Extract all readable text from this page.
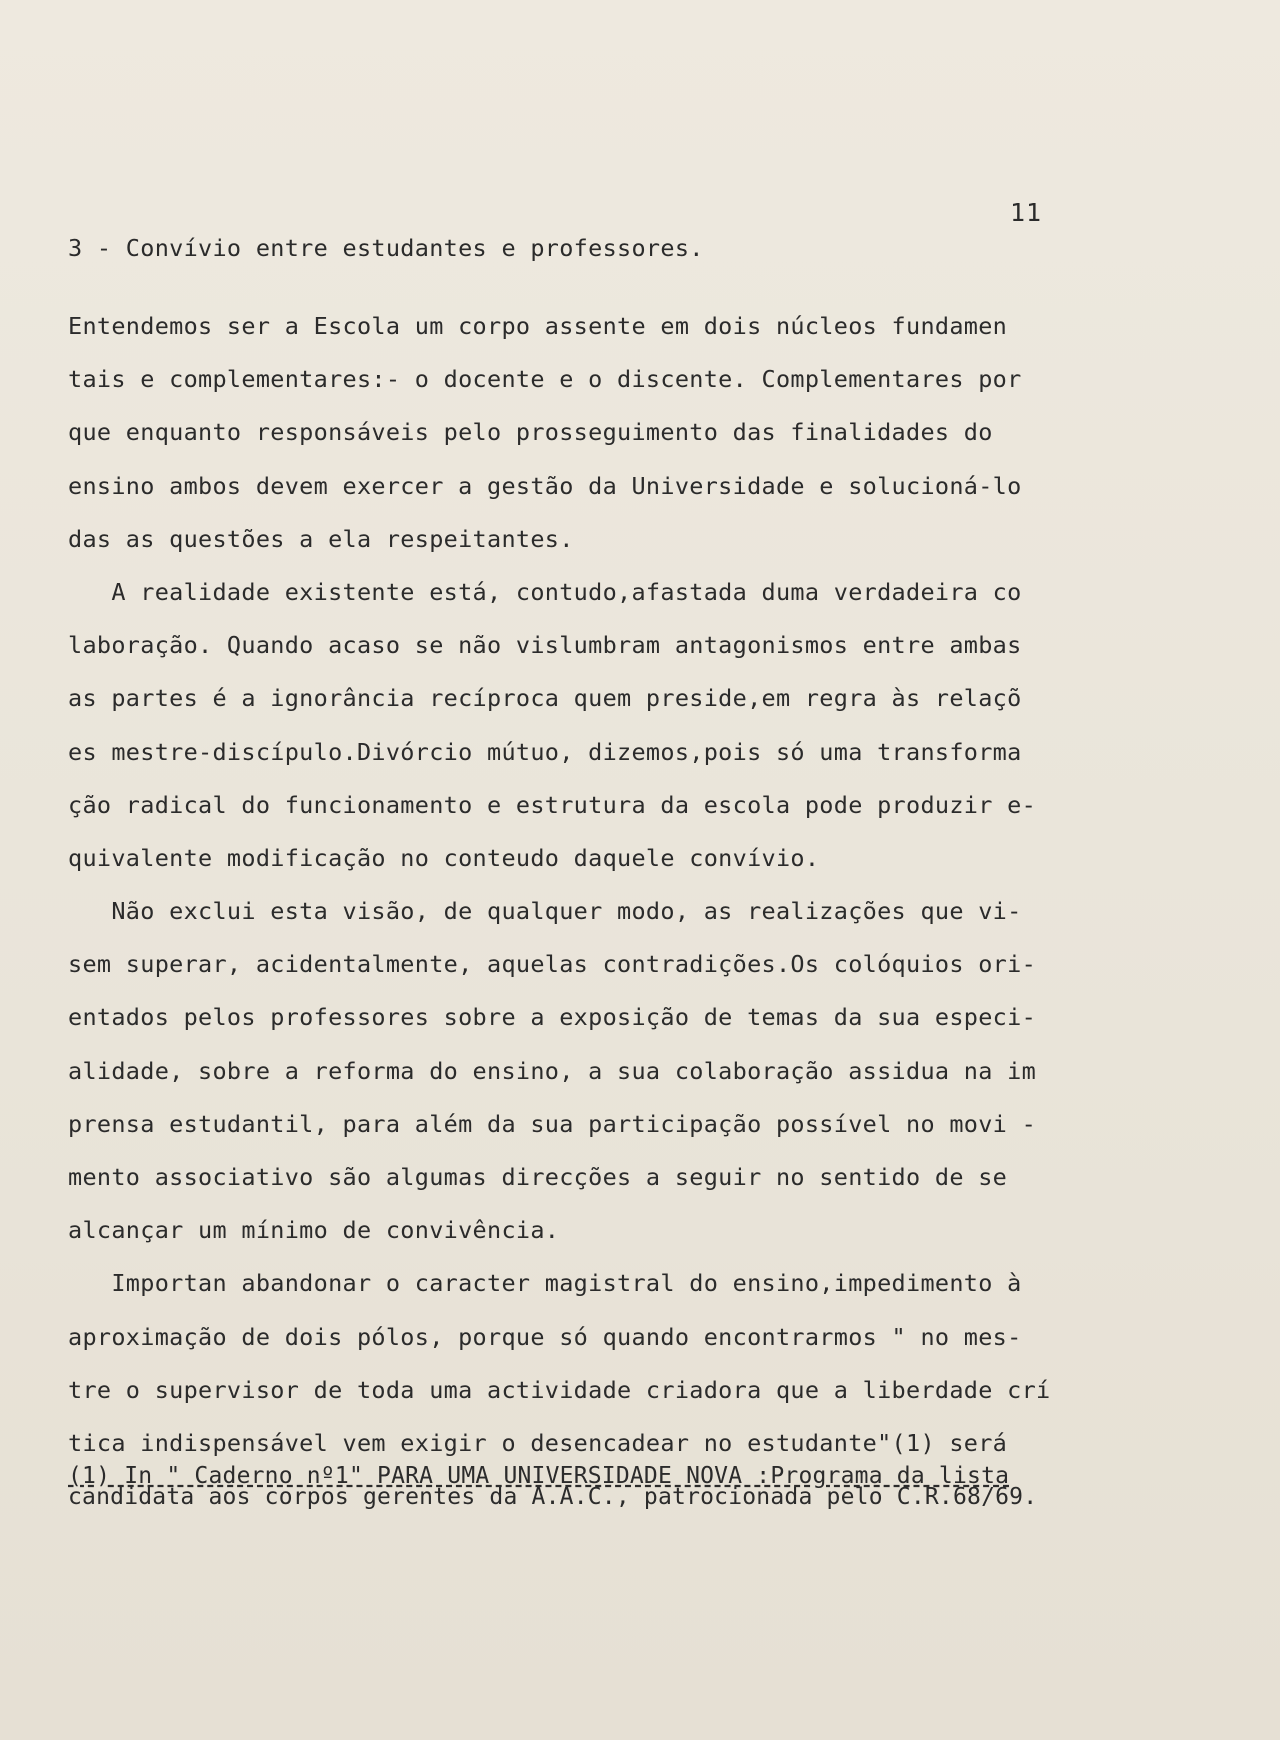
11
3 - Convívio entre estudantes e professores.
Entendemos ser a Escola um corpo assente em dois núcleos fundamen
tais e complementares:- o docente e o discente. Complementares por
que enquanto responsáveis pelo prosseguimento das finalidades do
ensino ambos devem exercer a gestão da Universidade e solucioná-lo
das as questões a ela respeitantes.
A realidade existente está, contudo,afastada duma verdadeira co
laboração. Quando acaso se não vislumbram antagonismos entre ambas
as partes é a ignorância recíproca quem preside,em regra às relaçõ
es mestre-discípulo.Divórcio mútuo, dizemos,pois só uma transforma
ção radical do funcionamento e estrutura da escola pode produzir e-
quivalente modificação no conteudo daquele convívio.
Não exclui esta visão, de qualquer modo, as realizações que vi-
sem superar, acidentalmente, aquelas contradições.Os colóquios ori-
entados pelos professores sobre a exposição de temas da sua especi-
alidade, sobre a reforma do ensino, a sua colaboração assidua na im
prensa estudantil, para além da sua participação possível no movi -
mento associativo são algumas direcções a seguir no sentido de se
alcançar um mínimo de convivência.
Importan abandonar o caracter magistral do ensino,impedimento à
aproximação de dois pólos, porque só quando encontrarmos " no mes-
tre o supervisor de toda uma actividade criadora que a liberdade crí
tica indispensável vem exigir o desencadear no estudante"(1) será
(1) In " Caderno nº1" PARA UMA UNIVERSIDADE NOVA :Programa da lista
candidata aos corpos gerentes da A.A.C., patrocionada pelo C.R.68/69.
